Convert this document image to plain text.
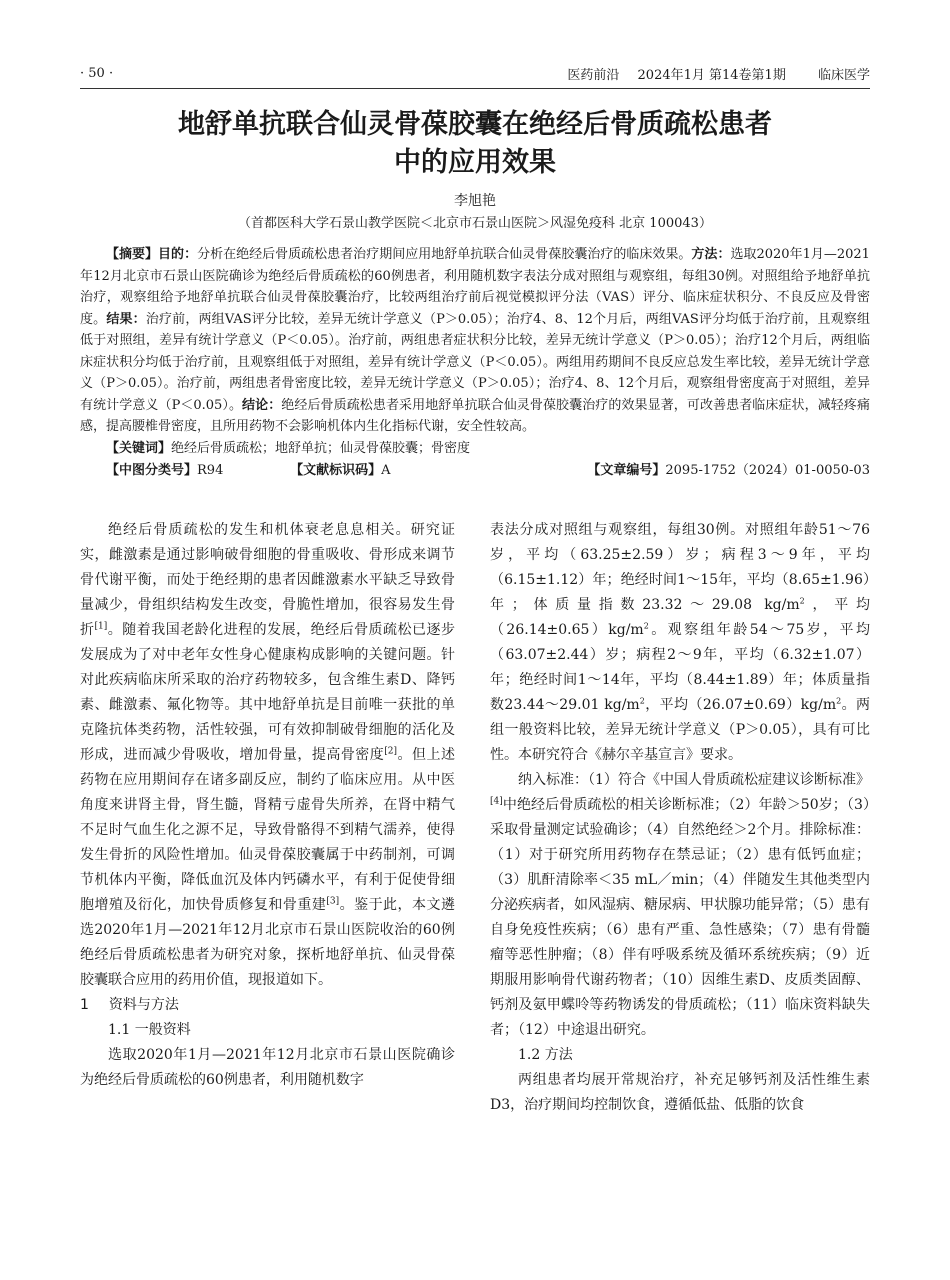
· 50 ·	医药前沿 2024年1月 第14卷第1期 临床医学
地舒单抗联合仙灵骨葆胶囊在绝经后骨质疏松患者
中的应用效果
李旭艳
（首都医科大学石景山教学医院＜北京市石景山医院＞风湿免疫科 北京 100043）

【摘要】目的：分析在绝经后骨质疏松患者治疗期间应用地舒单抗联合仙灵骨葆胶囊治疗的临床效果。方法：选取2020年1月—2021年12月北京市石景山医院确诊为绝经后骨质疏松的60例患者，利用随机数字表法分成对照组与观察组，每组30例。对照组给予地舒单抗治疗，观察组给予地舒单抗联合仙灵骨葆胶囊治疗，比较两组治疗前后视觉模拟评分法（VAS）评分、临床症状积分、不良反应及骨密度。结果：治疗前，两组VAS评分比较，差异无统计学意义（P＞0.05）；治疗4、8、12个月后，两组VAS评分均低于治疗前，且观察组低于对照组，差异有统计学意义（P＜0.05）。治疗前，两组患者症状积分比较，差异无统计学意义（P＞0.05）；治疗12个月后，两组临床症状积分均低于治疗前，且观察组低于对照组，差异有统计学意义（P＜0.05）。两组用药期间不良反应总发生率比较，差异无统计学意义（P＞0.05）。治疗前，两组患者骨密度比较，差异无统计学意义（P＞0.05）；治疗4、8、12个月后，观察组骨密度高于对照组，差异有统计学意义（P＜0.05）。结论：绝经后骨质疏松患者采用地舒单抗联合仙灵骨葆胶囊治疗的效果显著，可改善患者临床症状，减轻疼痛感，提高腰椎骨密度，且所用药物不会影响机体内生化指标代谢，安全性较高。

【关键词】绝经后骨质疏松；地舒单抗；仙灵骨葆胶囊；骨密度

【中图分类号】R94	【文献标识码】A	【文章编号】2095-1752（2024）01-0050-03

绝经后骨质疏松的发生和机体衰老息息相关。研究证实，雌激素是通过影响破骨细胞的骨重吸收、骨形成来调节骨代谢平衡，而处于绝经期的患者因雌激素水平缺乏导致骨量减少，骨组织结构发生改变，骨脆性增加，很容易发生骨折[1]。随着我国老龄化进程的发展，绝经后骨质疏松已逐步发展成为了对中老年女性身心健康构成影响的关键问题。针对此疾病临床所采取的治疗药物较多，包含维生素D、降钙素、雌激素、氟化物等。其中地舒单抗是目前唯一获批的单克隆抗体类药物，活性较强，可有效抑制破骨细胞的活化及形成，进而减少骨吸收，增加骨量，提高骨密度[2]。但上述药物在应用期间存在诸多副反应，制约了临床应用。从中医角度来讲肾主骨，肾生髓，肾精亏虚骨失所养，在肾中精气不足时气血生化之源不足，导致骨骼得不到精气濡养，使得发生骨折的风险性增加。仙灵骨葆胶囊属于中药制剂，可调节机体内平衡，降低血沉及体内钙磷水平，有利于促使骨细胞增殖及衍化，加快骨质修复和骨重建[3]。鉴于此，本文遴选2020年1月—2021年12月北京市石景山医院收治的60例绝经后骨质疏松患者为研究对象，探析地舒单抗、仙灵骨葆胶囊联合应用的药用价值，现报道如下。

1 资料与方法

1.1 一般资料

选取2020年1月—2021年12月北京市石景山医院确诊为绝经后骨质疏松的60例患者，利用随机数字

表法分成对照组与观察组，每组30例。对照组年龄51～76岁，平均（63.25±2.59）岁；病程3～9年，平均（6.15±1.12）年；绝经时间1～15年，平均（8.65±1.96）年；体质量指数23.32～29.08 $kg/m^2$，平均$(26.14\pm 0.65)kg/m^2$。观察组年龄54～75岁，平均（63.07±2.44）岁；病程2～9年，平均（6.32±1.07）年；绝经时间1～14年，平均（8.44±1.89）年；体质量指数23.44～29.01 $kg/m^2$，平均$(26.07\pm 0.69)kg/m^2$。两组一般资料比较，差异无统计学意义（P＞0.05），具有可比性。本研究符合《赫尔辛基宣言》要求。

纳入标准：（1）符合《中国人骨质疏松症建议诊断标准》[4]中绝经后骨质疏松的相关诊断标准；（2）年龄＞50岁；（3）采取骨量测定试验确诊；（4）自然绝经＞2个月。排除标准：（1）对于研究所用药物存在禁忌证；（2）患有低钙血症；（3）肌酐清除率＜35 mL／min；（4）伴随发生其他类型内分泌疾病者，如风湿病、糖尿病、甲状腺功能异常；（5）患有自身免疫性疾病；（6）患有严重、急性感染；（7）患有骨髓瘤等恶性肿瘤；（8）伴有呼吸系统及循环系统疾病；（9）近期服用影响骨代谢药物者；（10）因维生素D、皮质类固醇、钙剂及氨甲蝶呤等药物诱发的骨质疏松；（11）临床资料缺失者；（12）中途退出研究。

1.2 方法

两组患者均展开常规治疗，补充足够钙剂及活性维生素D3，治疗期间均控制饮食，遵循低盐、低脂的饮食
